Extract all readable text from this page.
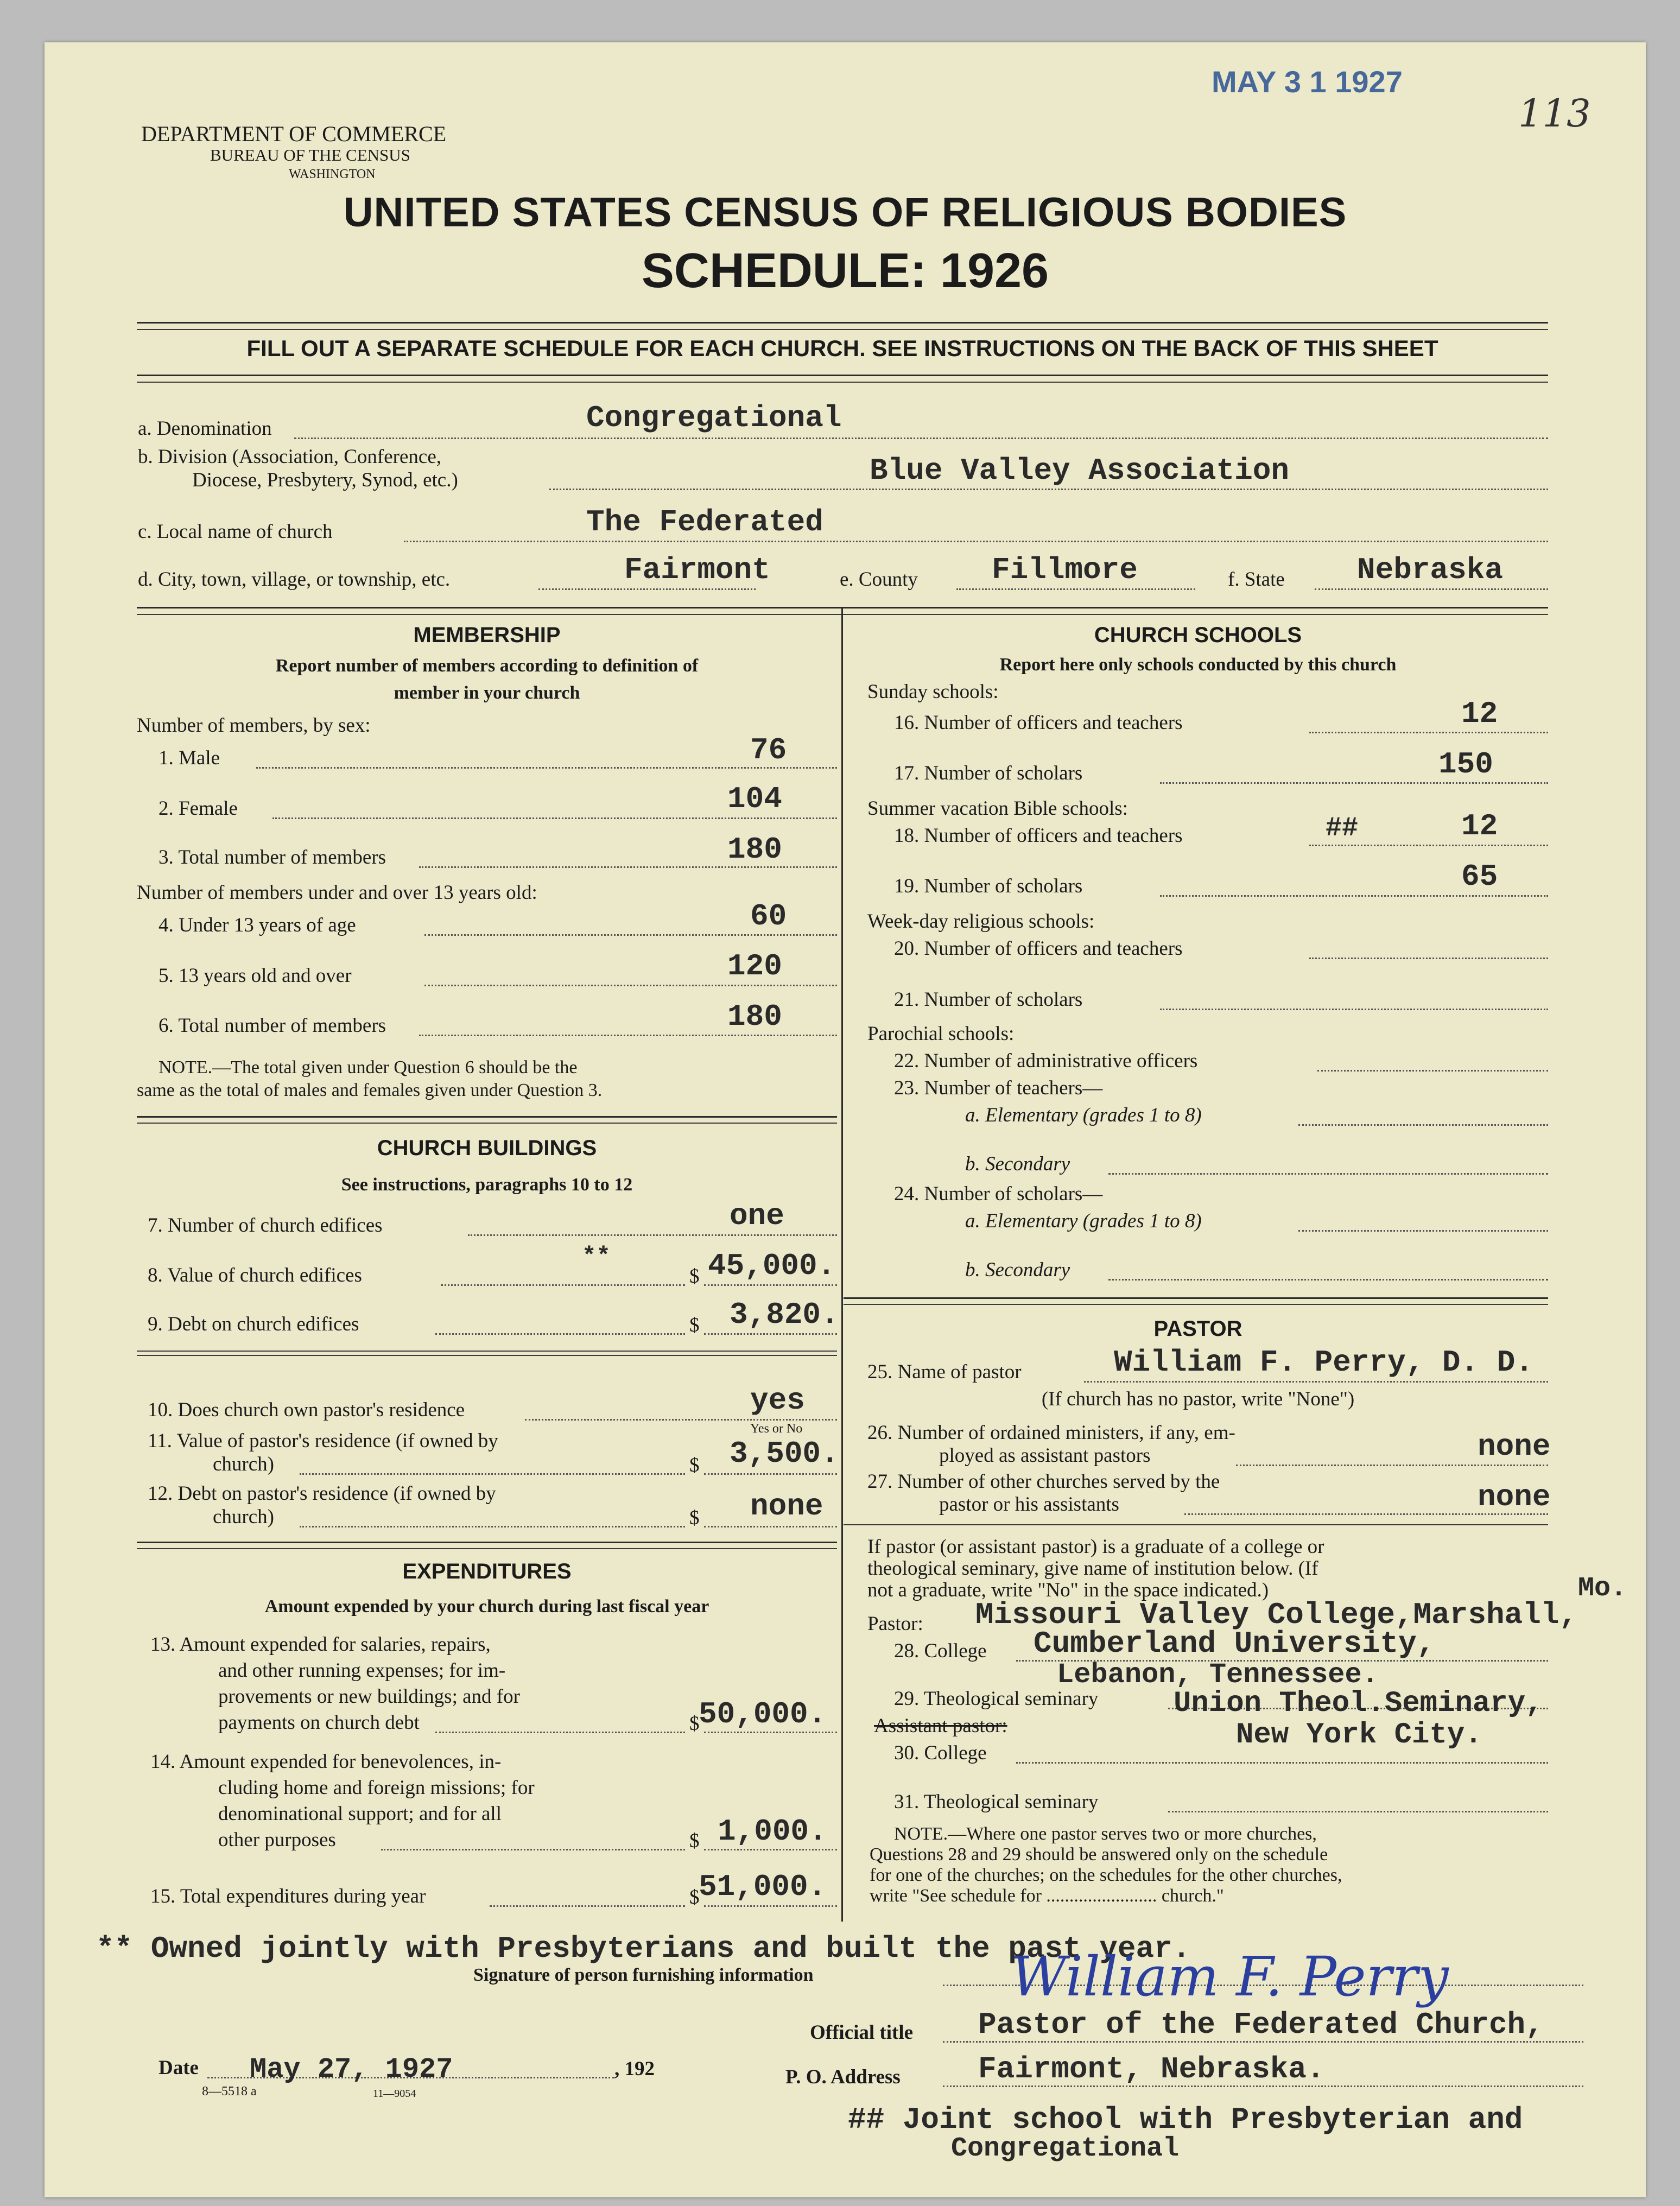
MAY 3 1 1927
113
DEPARTMENT OF COMMERCE
BUREAU OF THE CENSUS
WASHINGTON
UNITED STATES CENSUS OF RELIGIOUS BODIES
SCHEDULE: 1926
FILL OUT A SEPARATE SCHEDULE FOR EACH CHURCH. SEE INSTRUCTIONS ON THE BACK OF THIS SHEET
a. Denomination	Congregational
b. Division (Association, Conference,
Diocese, Presbytery, Synod, etc.)	Blue Valley Association
c. Local name of church	The Federated
d. City, town, village, or township, etc.	Fairmont	e. County Fillmore	f. State Nebraska
MEMBERSHIP
Report number of members according to definition of
member in your church
Number of members, by sex:
1. Male	76
2. Female	104
3. Total number of members	180
Number of members under and over 13 years old:
4. Under 13 years of age	60
5. 13 years old and over	120
6. Total number of members	180
NOTE.—The total given under Question 6 should be the
same as the total of males and females given under Question 3.
CHURCH BUILDINGS
See instructions, paragraphs 10 to 12
7. Number of church edifices	one
**
8. Value of church edifices	$ 45,000.
9. Debt on church edifices	$ 3,820.
10. Does church own pastor's residence	yes
Yes or No
11. Value of pastor's residence (if owned by
church)	$ 3,500.
12. Debt on pastor's residence (if owned by
church)	$ none
EXPENDITURES
Amount expended by your church during last fiscal year
13. Amount expended for salaries, repairs,
and other running expenses; for im-
provements or new buildings; and for
payments on church debt	$
50,000.
14. Amount expended for benevolences, in-
cluding home and foreign missions; for
denominational support; and for all
other purposes	$ 1,000.
15. Total expenditures during year	$
51,000.
CHURCH SCHOOLS
Report here only schools conducted by this church
Sunday schools:
16. Number of officers and teachers	12
17. Number of scholars	150
Summer vacation Bible schools:
18. Number of officers and teachers	##	12
19. Number of scholars	65
Week-day religious schools:
20. Number of officers and teachers
21. Number of scholars
Parochial schools:
22. Number of administrative officers
23. Number of teachers—
a. Elementary (grades 1 to 8)
b. Secondary
24. Number of scholars—
a. Elementary (grades 1 to 8)
b. Secondary
PASTOR
25. Name of pastor	William F. Perry, D. D.
(If church has no pastor, write "None")
26. Number of ordained ministers, if any, em-
ployed as assistant pastors	none
27. Number of other churches served by the
pastor or his assistants	none
If pastor (or assistant pastor) is a graduate of a college or
theological seminary, give name of institution below. (If
not a graduate, write "No" in the space indicated.)	Mo.
Pastor: Missouri Valley College,Marshall,
28. College Cumberland University,
Lebanon, Tennessee.
29. Theological seminary	Union Theol.Seminary,
New York City.
Assistant pastor:
30. College
31. Theological seminary
NOTE.—Where one pastor serves two or more churches,
Questions 28 and 29 should be answered only on the schedule
for one of the churches; on the schedules for the other churches,
write "See schedule for ........................ church."
** Owned jointly with Presbyterians and built the past year.
Signature of person furnishing information	William F. Perry
Official title Pastor of the Federated Church,
Date May 27, 1927	, 192
8—5518 a	11—9054
P. O. Address	Fairmont, Nebraska.
## Joint school with Presbyterian and
Congregational
